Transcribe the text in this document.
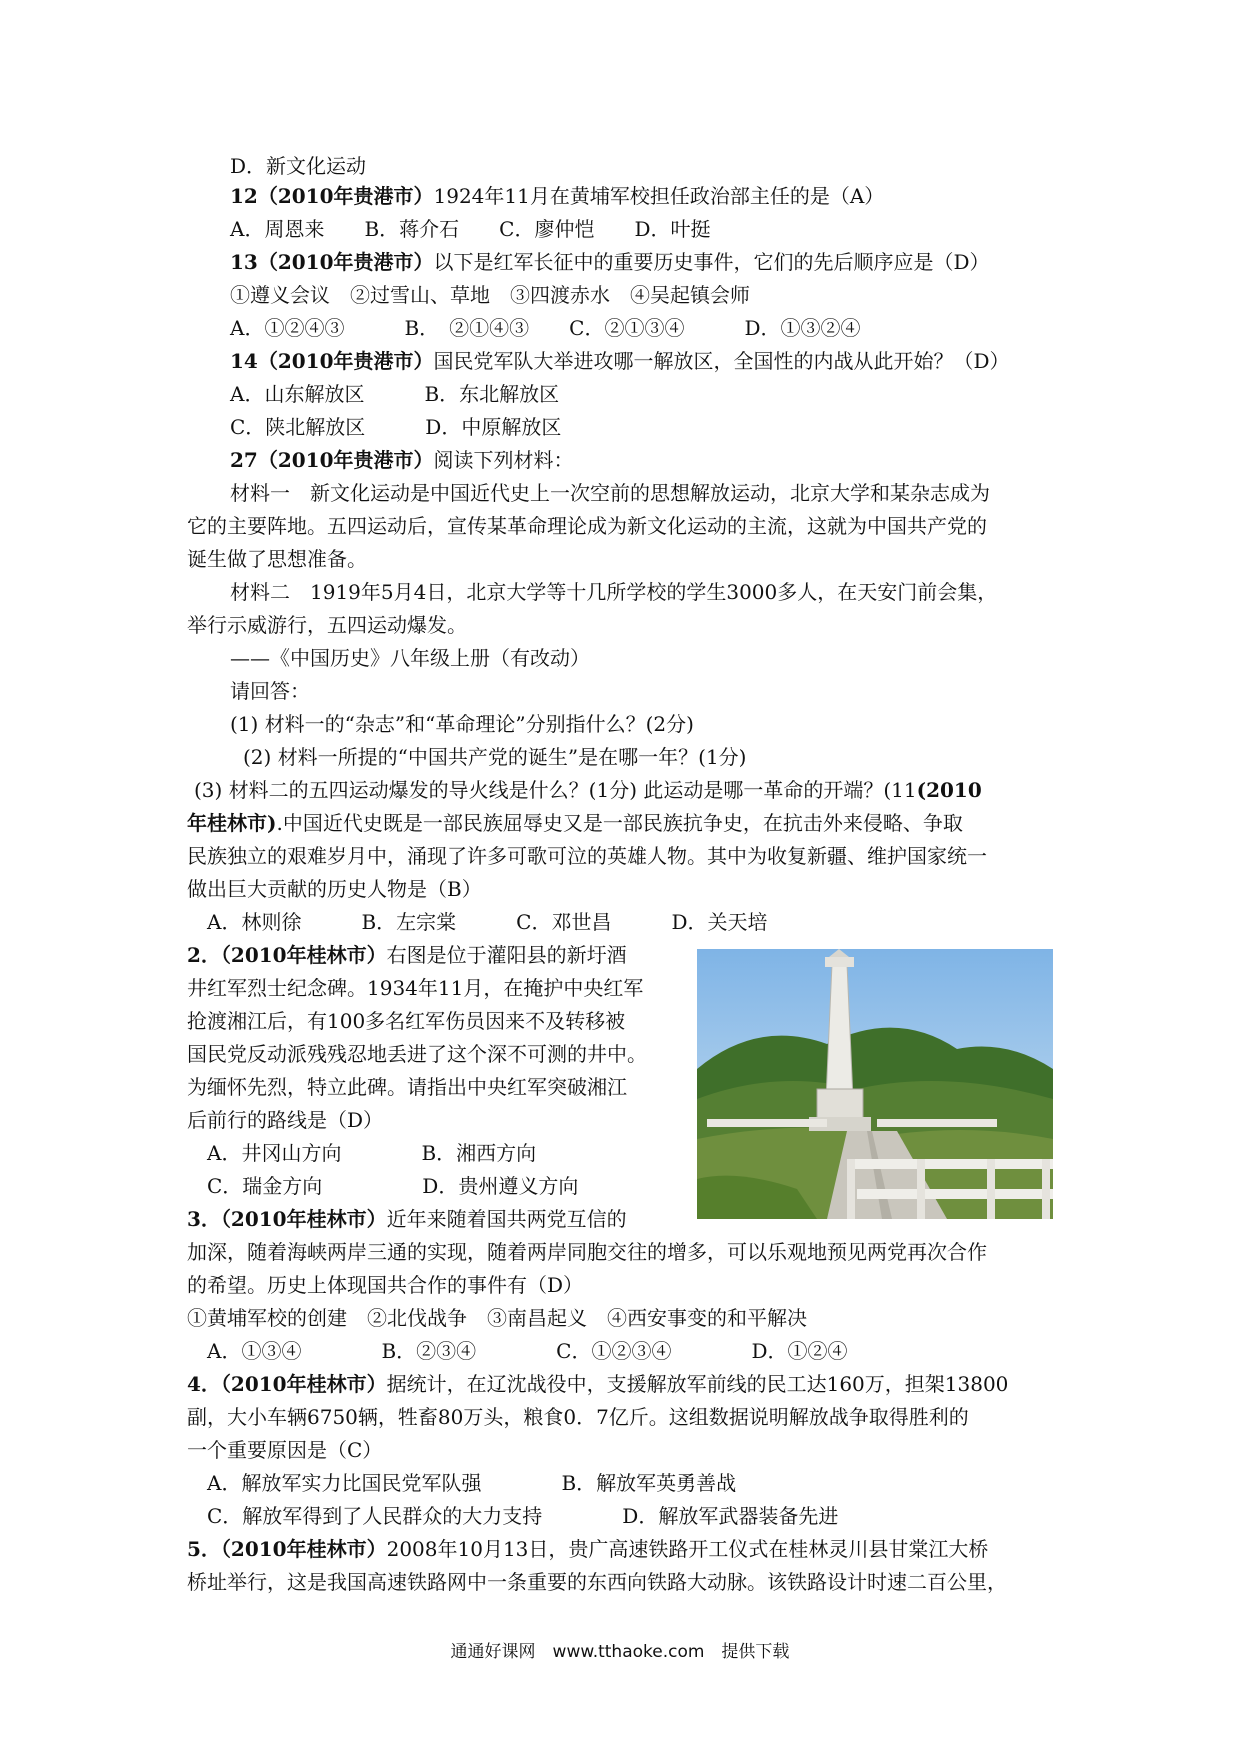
D．新文化运动
12（2010年贵港市）1924年11月在黄埔军校担任政治部主任的是（A）
A．周恩来　　B．蒋介石　　C．廖仲恺　　D．叶挺
13（2010年贵港市）以下是红军长征中的重要历史事件，它们的先后顺序应是（D）
①遵义会议　②过雪山、草地　③四渡赤水　④吴起镇会师
A．①②④③　　　B．　②①④③　　C．②①③④　　　D．①③②④
14（2010年贵港市）国民党军队大举进攻哪一解放区，全国性的内战从此开始？（D）
A．山东解放区　　　B．东北解放区
C．陕北解放区　　　D．中原解放区
27（2010年贵港市）阅读下列材料：
材料一　新文化运动是中国近代史上一次空前的思想解放运动，北京大学和某杂志成为
它的主要阵地。五四运动后，宣传某革命理论成为新文化运动的主流，这就为中国共产党的
诞生做了思想准备。
材料二　1919年5月4日，北京大学等十几所学校的学生3000多人，在天安门前会集，
举行示威游行，五四运动爆发。
——《中国历史》八年级上册（有改动）
请回答：
(1) 材料一的“杂志”和“革命理论”分别指什么？(2分)
(2) 材料一所提的“中国共产党的诞生”是在哪一年？(1分)
(3) 材料二的五四运动爆发的导火线是什么？(1分) 此运动是哪一革命的开端？(11(2010
年桂林市).中国近代史既是一部民族屈辱史又是一部民族抗争史，在抗击外来侵略、争取
民族独立的艰难岁月中，涌现了许多可歌可泣的英雄人物。其中为收复新疆、维护国家统一
做出巨大贡献的历史人物是（B）
A．林则徐　　　B．左宗棠　　　C．邓世昌　　　D．关天培
2．（2010年桂林市）右图是位于灌阳县的新圩酒
井红军烈士纪念碑。1934年11月，在掩护中央红军
抢渡湘江后，有100多名红军伤员因来不及转移被
国民党反动派残残忍地丢进了这个深不可测的井中。
为缅怀先烈，特立此碑。请指出中央红军突破湘江
后前行的路线是（D）
A．井冈山方向　　　　B．湘西方向
C．瑞金方向　　　　　D．贵州遵义方向
3．（2010年桂林市）近年来随着国共两党互信的
加深，随着海峡两岸三通的实现，随着两岸同胞交往的增多，可以乐观地预见两党再次合作
的希望。历史上体现国共合作的事件有（D）
①黄埔军校的创建　②北伐战争　③南昌起义　④西安事变的和平解决
A．①③④　　　　B．②③④　　　　C．①②③④　　　　D．①②④
4．（2010年桂林市）据统计，在辽沈战役中，支援解放军前线的民工达160万，担架13800
副，大小车辆6750辆，牲畜80万头，粮食0．7亿斤。这组数据说明解放战争取得胜利的
一个重要原因是（C）
A．解放军实力比国民党军队强　　　　B．解放军英勇善战
C．解放军得到了人民群众的大力支持　　　　D．解放军武器装备先进
5．（2010年桂林市）2008年10月13日，贵广高速铁路开工仪式在桂林灵川县甘棠江大桥
桥址举行，这是我国高速铁路网中一条重要的东西向铁路大动脉。该铁路设计时速二百公里，
通通好课网　www.tthaoke.com　提供下载
